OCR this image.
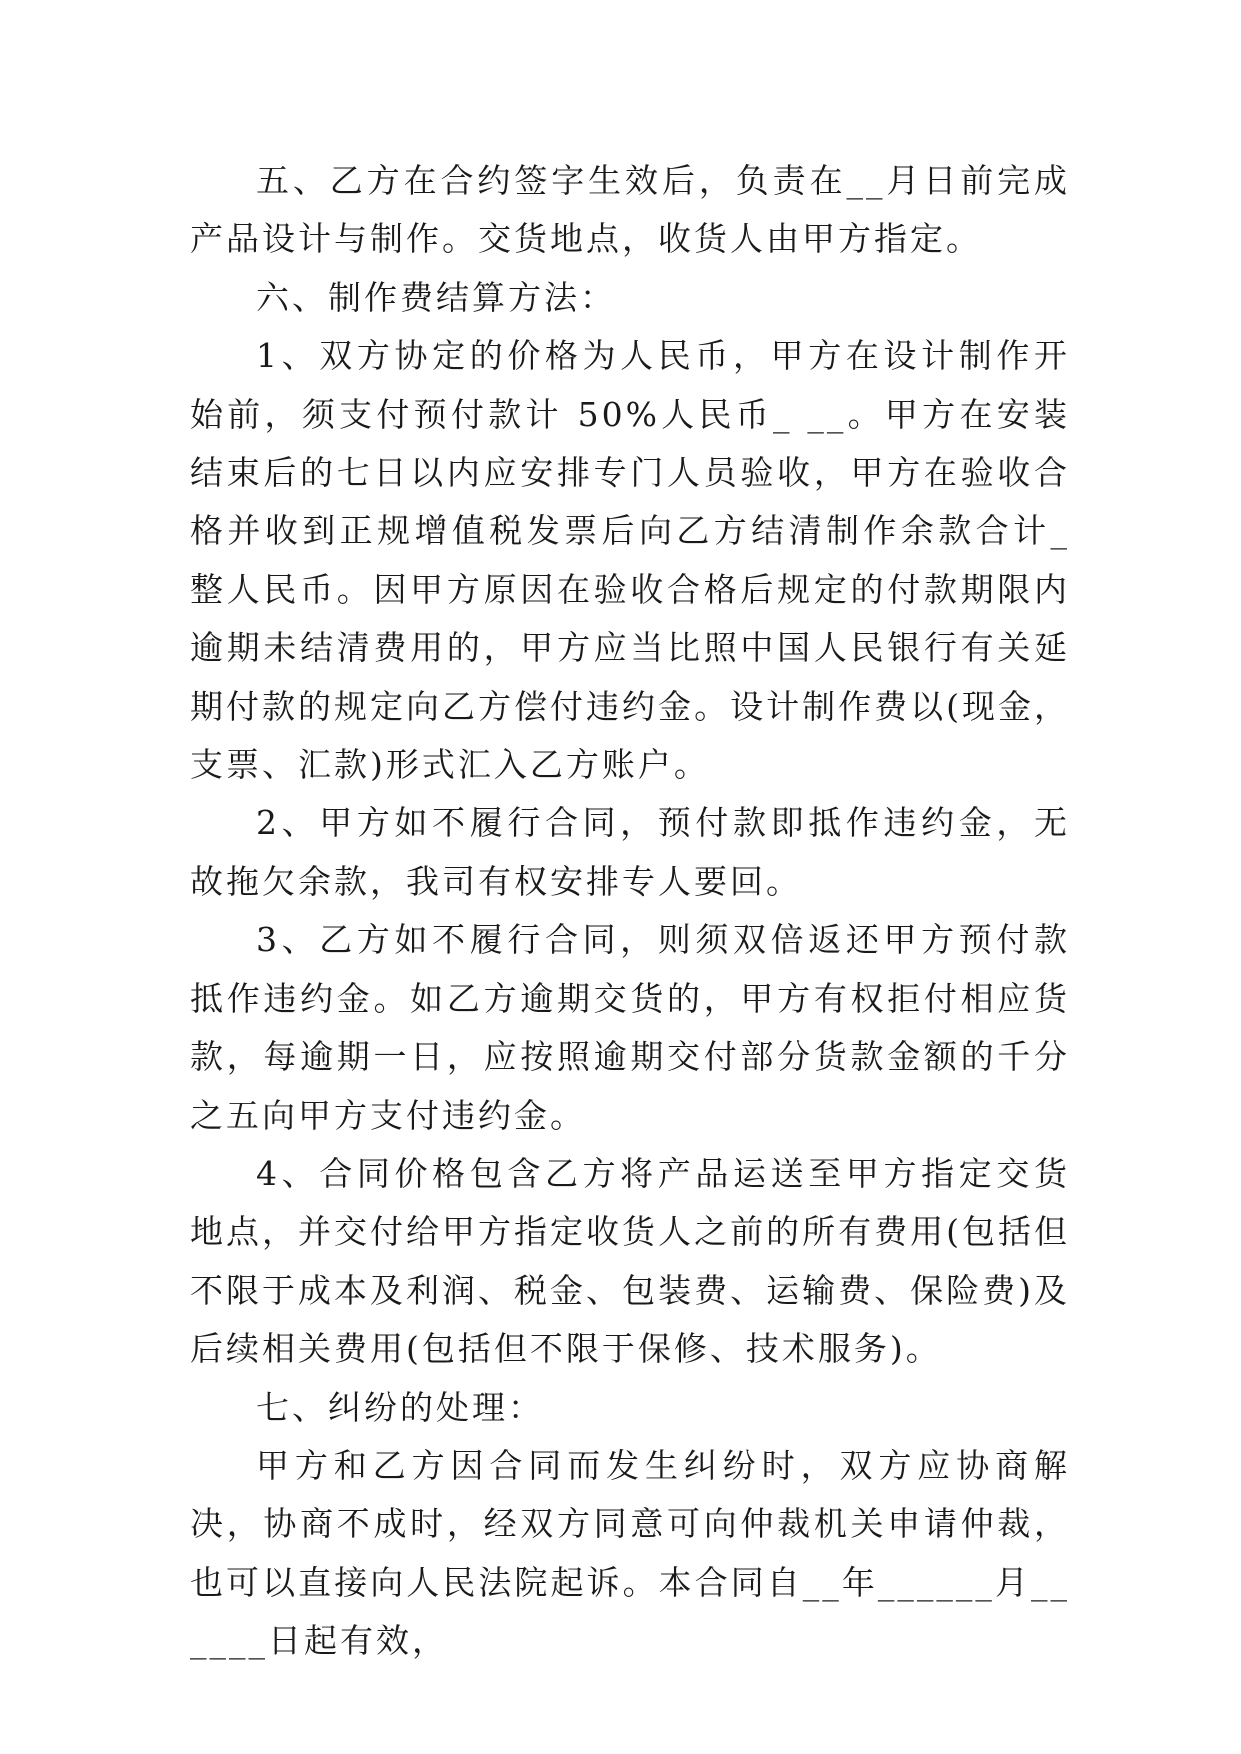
五、乙方在合约签字生效后，负责在__月日前完成产品设计与制作。交货地点，收货人由甲方指定。

六、制作费结算方法：

1、双方协定的价格为人民币，甲方在设计制作开始前，须支付预付款计 50%人民币_ __。甲方在安装结束后的七日以内应安排专门人员验收，甲方在验收合格并收到正规增值税发票后向乙方结清制作余款合计_整人民币。因甲方原因在验收合格后规定的付款期限内逾期未结清费用的，甲方应当比照中国人民银行有关延期付款的规定向乙方偿付违约金。设计制作费以(现金，支票、汇款)形式汇入乙方账户。

2、甲方如不履行合同，预付款即抵作违约金，无故拖欠余款，我司有权安排专人要回。

3、乙方如不履行合同，则须双倍返还甲方预付款抵作违约金。如乙方逾期交货的，甲方有权拒付相应货款，每逾期一日，应按照逾期交付部分货款金额的千分之五向甲方支付违约金。

4、合同价格包含乙方将产品运送至甲方指定交货地点，并交付给甲方指定收货人之前的所有费用(包括但不限于成本及利润、税金、包装费、运输费、保险费)及后续相关费用(包括但不限于保修、技术服务)。

七、纠纷的处理：

甲方和乙方因合同而发生纠纷时，双方应协商解决，协商不成时，经双方同意可向仲裁机关申请仲裁，也可以直接向人民法院起诉。本合同自__年______月______日起有效，
